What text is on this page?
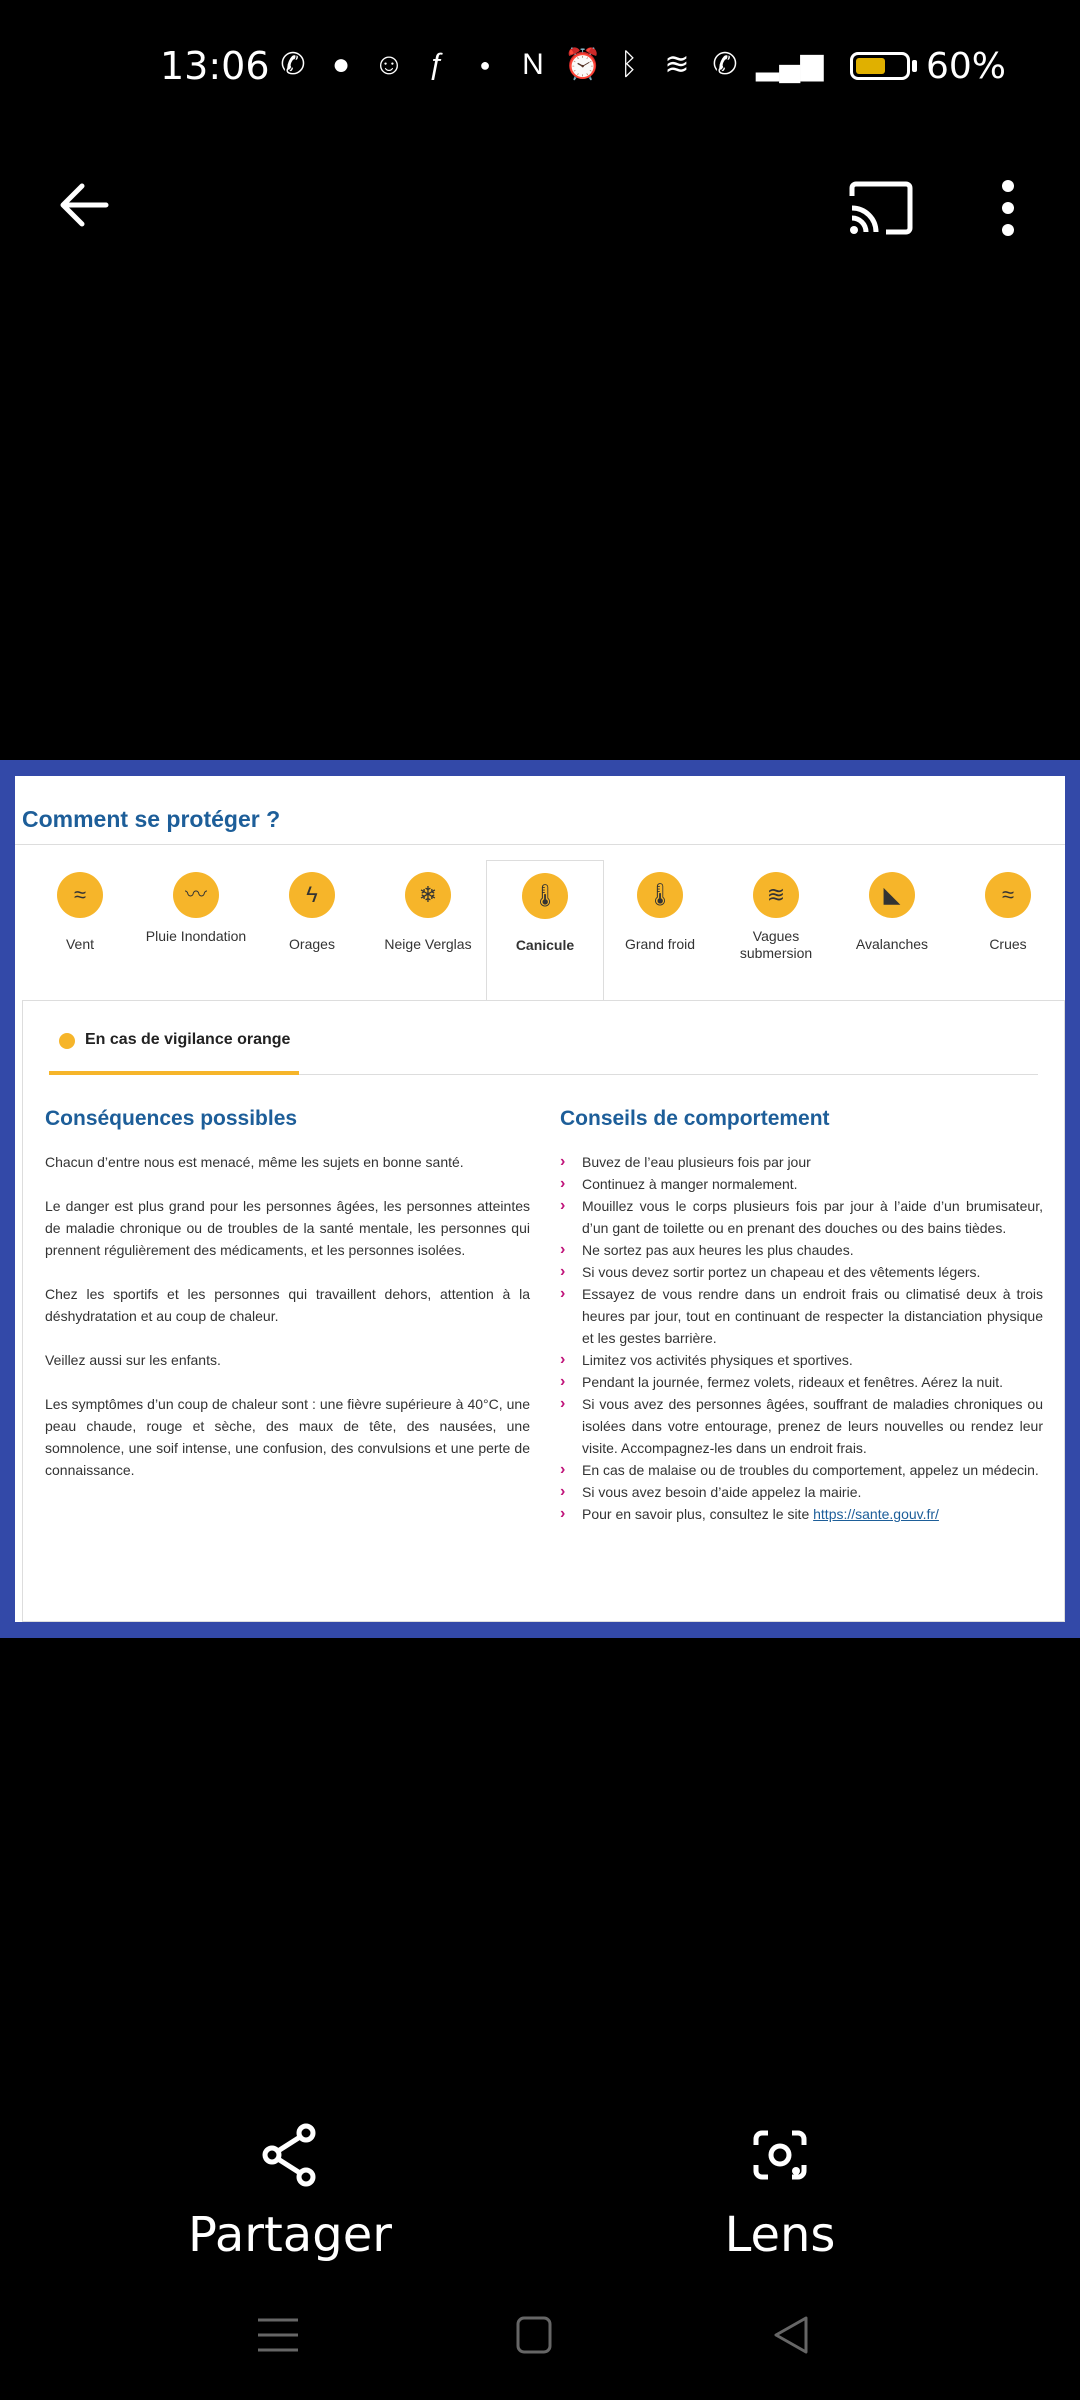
13:06 ✆ ● ☺ ƒ	●	N ⏰ ᛒ ≋ ✆ ▂▄▆	60%
Comment se protéger ?
≈
Vent
〰
Pluie Inondation
ϟ
Orages
❄
Neige Verglas
🌡
Canicule
🌡
Grand froid
≋
Vagues submersion
◣
Avalanches
≈
Crues
En cas de vigilance orange
Conséquences possibles

Chacun d’entre nous est menacé, même les sujets en bonne santé.

Le danger est plus grand pour les personnes âgées, les personnes atteintes de maladie chronique ou de troubles de la santé mentale, les personnes qui prennent régulièrement des médicaments, et les personnes isolées.

Chez les sportifs et les personnes qui travaillent dehors, attention à la déshydratation et au coup de chaleur.

Veillez aussi sur les enfants.

Les symptômes d’un coup de chaleur sont : une fièvre supérieure à 40°C, une peau chaude, rouge et sèche, des maux de tête, des nausées, une somnolence, une soif intense, une confusion, des convulsions et une perte de connaissance.

Conseils de comportement
› Buvez de l’eau plusieurs fois par jour
› Continuez à manger normalement.
› Mouillez vous le corps plusieurs fois par jour à l’aide d’un brumisateur, d’un gant de toilette ou en prenant des douches ou des bains tièdes.
› Ne sortez pas aux heures les plus chaudes.
› Si vous devez sortir portez un chapeau et des vêtements légers.
› Essayez de vous rendre dans un endroit frais ou climatisé deux à trois heures par jour, tout en continuant de respecter la distanciation physique et les gestes barrière.
› Limitez vos activités physiques et sportives.
› Pendant la journée, fermez volets, rideaux et fenêtres. Aérez la nuit.
› Si vous avez des personnes âgées, souffrant de maladies chroniques ou isolées dans votre entourage, prenez de leurs nouvelles ou rendez leur visite. Accompagnez-les dans un endroit frais.
› En cas de malaise ou de troubles du comportement, appelez un médecin.
› Si vous avez besoin d’aide appelez la mairie.
› Pour en savoir plus, consultez le site https://sante.gouv.fr/
Partager	Lens
